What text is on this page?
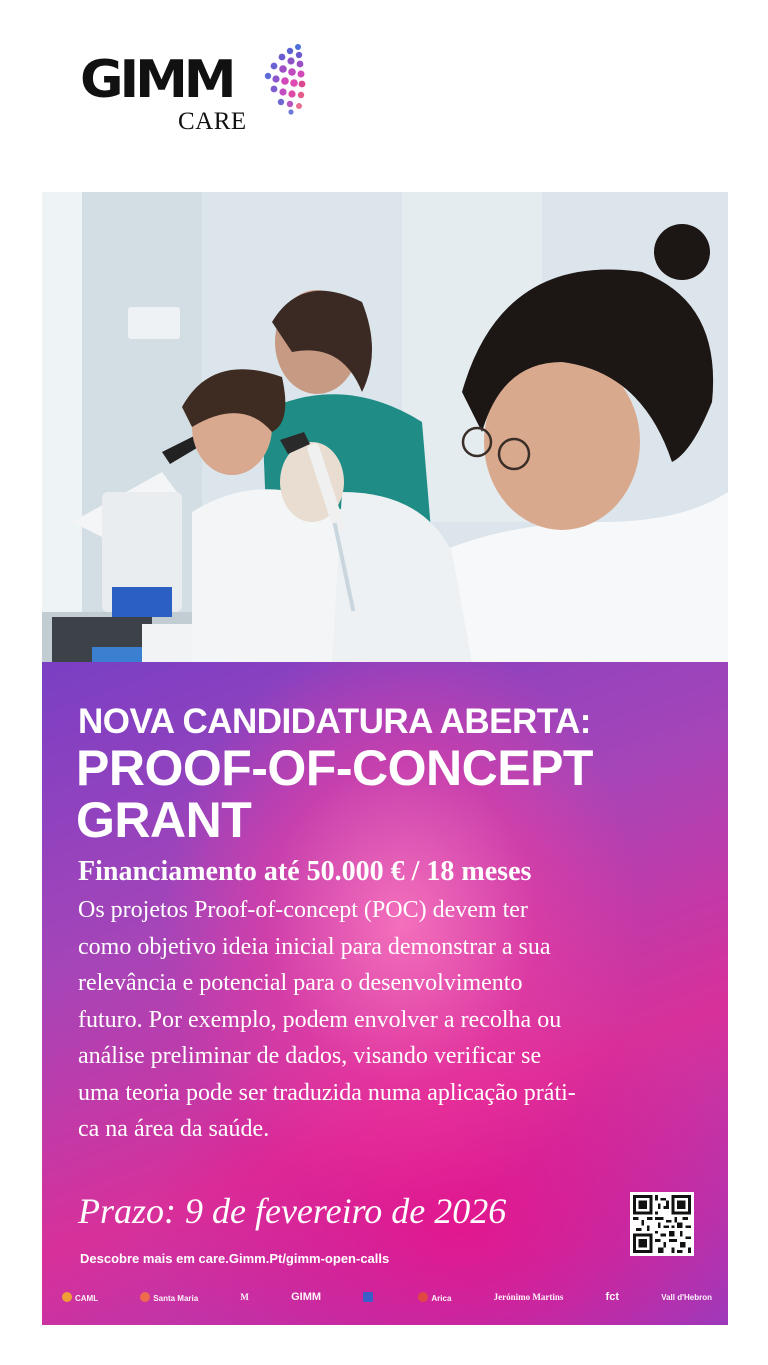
GIMM
CARE
NOVA CANDIDATURA ABERTA:
PROOF-OF-CONCEPT
GRANT
Financiamento até 50.000 € / 18 meses
Os projetos Proof-of-concept (POC) devem ter
como objetivo ideia inicial para demonstrar a sua
relevância e potencial para o desenvolvimento
futuro. Por exemplo, podem envolver a recolha ou
análise preliminar de dados, visando verificar se
uma teoria pode ser traduzida numa aplicação práti-
ca na área da saúde.
Prazo: 9 de fevereiro de 2026
Descobre mais em care.Gimm.Pt/gimm-open-calls
CAML	Santa Maria	M	GIMM	Arica	Jerónimo Martins	fct	Vall d'Hebron
